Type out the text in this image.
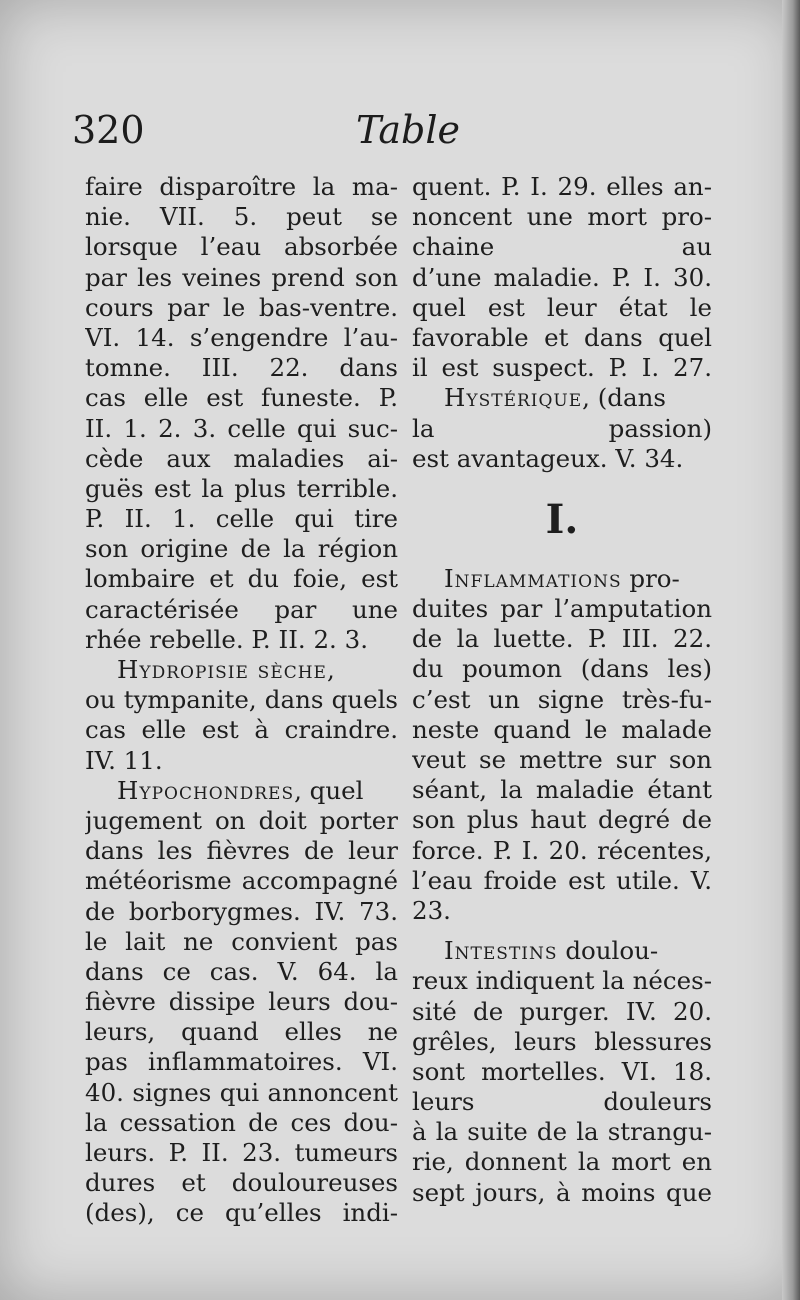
320	Table
faire disparoître la ma-
nie. VII. 5. peut se
lorsque l’eau absorbée
par les veines prend son
cours par le bas-ventre.
VI. 14. s’engendre l’au-
tomne. III. 22. dans
cas elle est funeste. P.
II. 1. 2. 3. celle qui suc-
cède aux maladies ai-
guës est la plus terrible.
P. II. 1. celle qui tire
son origine de la région
lombaire et du foie, est
caractérisée par une
rhée rebelle. P. II. 2. 3.
Hydropisie sèche,
ou tympanite, dans quels
cas elle est à craindre.
IV. 11.
Hypochondres, quel
jugement on doit porter
dans les fièvres de leur
météorisme accompagné
de borborygmes. IV. 73.
le lait ne convient pas
dans ce cas. V. 64. la
fièvre dissipe leurs dou-
leurs, quand elles ne
pas inflammatoires. VI.
40. signes qui annoncent
la cessation de ces dou-
leurs. P. II. 23. tumeurs
dures et douloureuses
(des), ce qu’elles indi-
quent. P. I. 29. elles an-
noncent une mort pro-
chaine au
d’une maladie. P. I. 30.
quel est leur état le
favorable et dans quel
il est suspect. P. I. 27.
Hystérique, (dans
la passion)
est avantageux. V. 34.
I.
Inflammations pro-
duites par l’amputation
de la luette. P. III. 22.
du poumon (dans les)
c’est un signe très-fu-
neste quand le malade
veut se mettre sur son
séant, la maladie étant
son plus haut degré de
force. P. I. 20. récentes,
l’eau froide est utile. V.
23.
Intestins doulou-
reux indiquent la néces-
sité de purger. IV. 20.
grêles, leurs blessures
sont mortelles. VI. 18.
leurs douleurs
à la suite de la strangu-
rie, donnent la mort en
sept jours, à moins que
